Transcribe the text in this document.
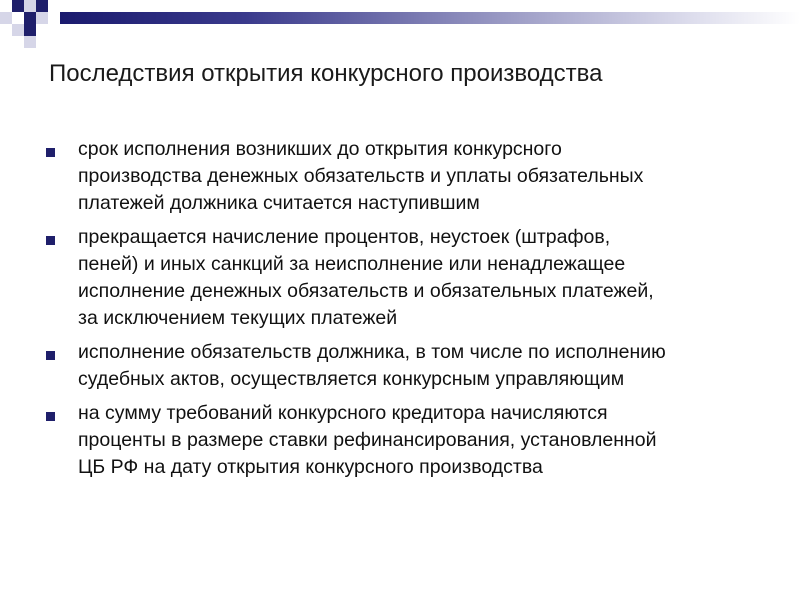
Последствия открытия конкурсного производства
срок исполнения возникших до открытия конкурсного
производства денежных обязательств и уплаты обязательных
платежей должника считается наступившим
прекращается начисление процентов, неустоек (штрафов,
пеней) и иных санкций за неисполнение или ненадлежащее
исполнение денежных обязательств и обязательных платежей,
за исключением текущих платежей
исполнение обязательств должника, в том числе по исполнению
судебных актов, осуществляется конкурсным управляющим
на сумму требований конкурсного кредитора начисляются
проценты в размере ставки рефинансирования, установленной
ЦБ РФ на дату открытия конкурсного производства
